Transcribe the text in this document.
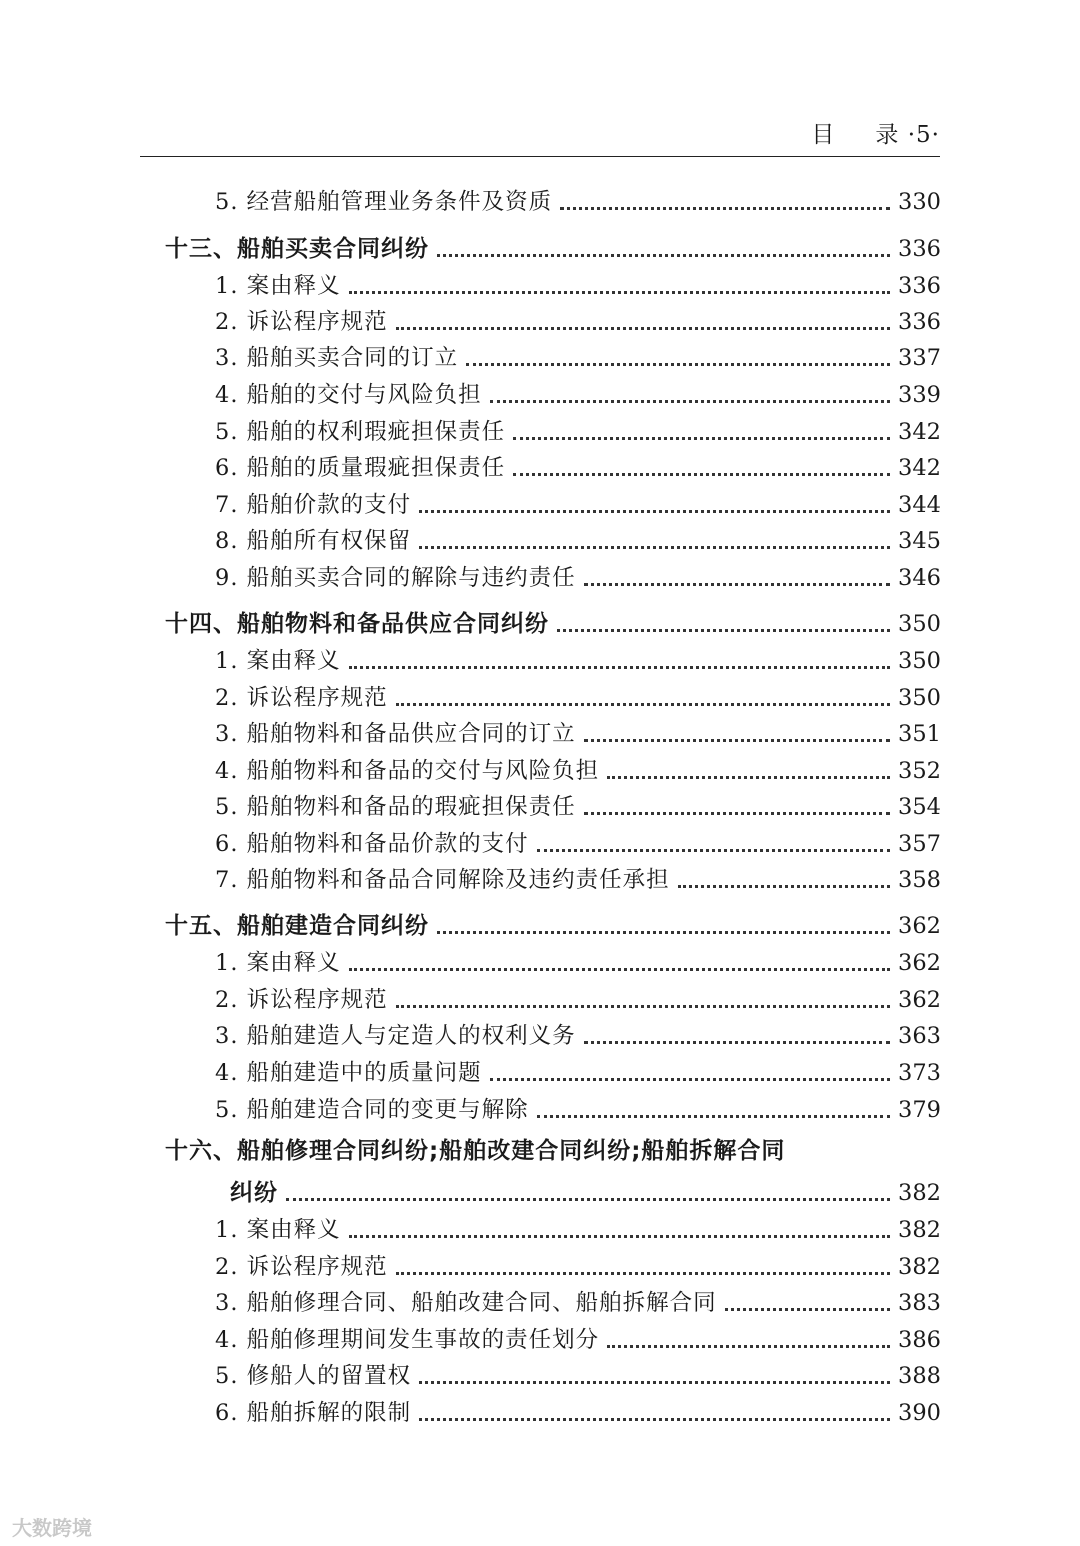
目 录 ·5·
5. 经营船舶管理业务条件及资质	330
十三、船舶买卖合同纠纷	336
1. 案由释义	336
2. 诉讼程序规范	336
3. 船舶买卖合同的订立	337
4. 船舶的交付与风险负担	339
5. 船舶的权利瑕疵担保责任	342
6. 船舶的质量瑕疵担保责任	342
7. 船舶价款的支付	344
8. 船舶所有权保留	345
9. 船舶买卖合同的解除与违约责任	346
十四、船舶物料和备品供应合同纠纷	350
1. 案由释义	350
2. 诉讼程序规范	350
3. 船舶物料和备品供应合同的订立	351
4. 船舶物料和备品的交付与风险负担	352
5. 船舶物料和备品的瑕疵担保责任	354
6. 船舶物料和备品价款的支付	357
7. 船舶物料和备品合同解除及违约责任承担	358
十五、船舶建造合同纠纷	362
1. 案由释义	362
2. 诉讼程序规范	362
3. 船舶建造人与定造人的权利义务	363
4. 船舶建造中的质量问题	373
5. 船舶建造合同的变更与解除	379
十六、船舶修理合同纠纷;船舶改建合同纠纷;船舶拆解合同
纠纷	382
1. 案由释义	382
2. 诉讼程序规范	382
3. 船舶修理合同、船舶改建合同、船舶拆解合同	383
4. 船舶修理期间发生事故的责任划分	386
5. 修船人的留置权	388
6. 船舶拆解的限制	390
大数跨境
